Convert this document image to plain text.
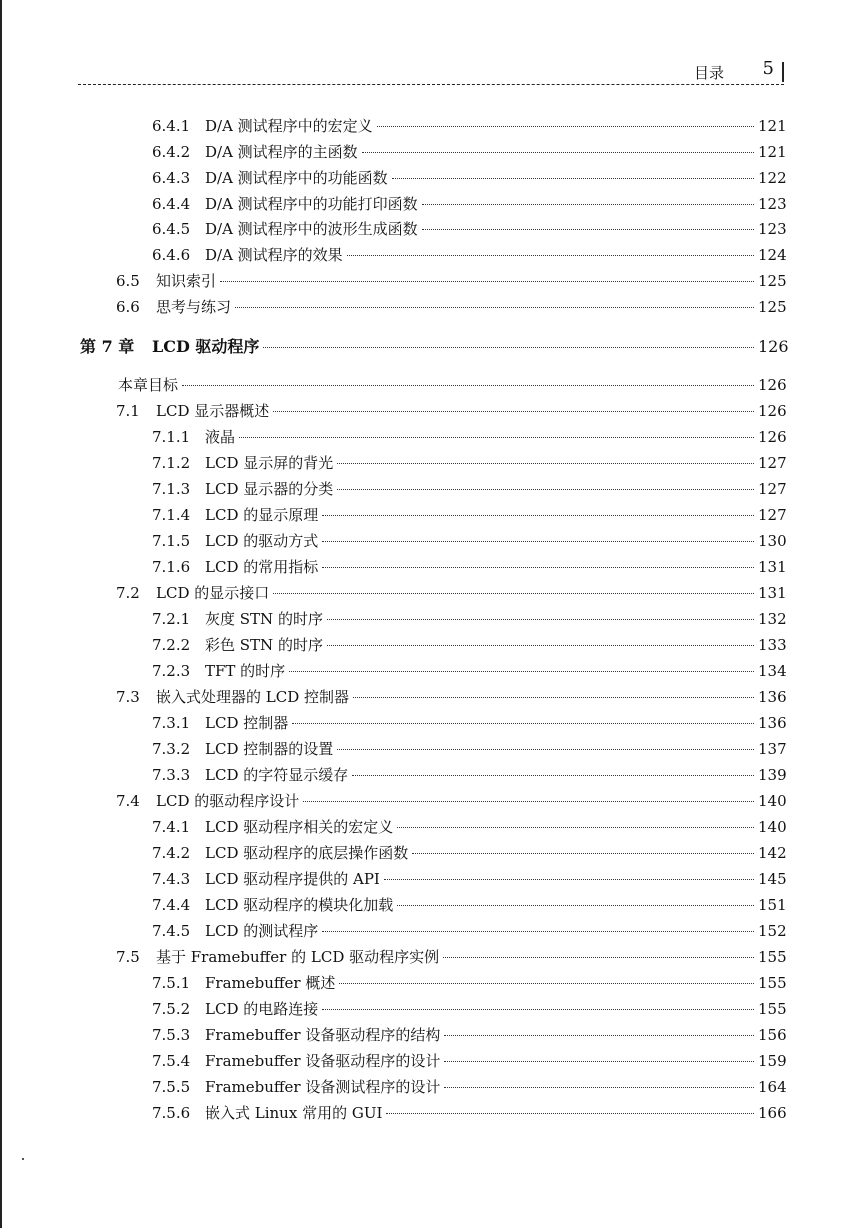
目录 5
6.4.1 D/A 测试程序中的宏定义	121
6.4.2 D/A 测试程序的主函数	121
6.4.3 D/A 测试程序中的功能函数	122
6.4.4 D/A 测试程序中的功能打印函数	123
6.4.5 D/A 测试程序中的波形生成函数	123
6.4.6 D/A 测试程序的效果	124
6.5	知识索引	125
6.6	思考与练习	125
第 7 章	LCD 驱动程序	126
本章目标	126
7.1	LCD 显示器概述	126
7.1.1 液晶	126
7.1.2 LCD 显示屏的背光	127
7.1.3 LCD 显示器的分类	127
7.1.4 LCD 的显示原理	127
7.1.5 LCD 的驱动方式	130
7.1.6 LCD 的常用指标	131
7.2	LCD 的显示接口	131
7.2.1 灰度 STN 的时序	132
7.2.2 彩色 STN 的时序	133
7.2.3 TFT 的时序	134
7.3	嵌入式处理器的 LCD 控制器	136
7.3.1 LCD 控制器	136
7.3.2 LCD 控制器的设置	137
7.3.3 LCD 的字符显示缓存	139
7.4	LCD 的驱动程序设计	140
7.4.1 LCD 驱动程序相关的宏定义	140
7.4.2 LCD 驱动程序的底层操作函数	142
7.4.3 LCD 驱动程序提供的 API	145
7.4.4 LCD 驱动程序的模块化加载	151
7.4.5 LCD 的测试程序	152
7.5	基于 Framebuffer 的 LCD 驱动程序实例	155
7.5.1 Framebuffer 概述	155
7.5.2 LCD 的电路连接	155
7.5.3 Framebuffer 设备驱动程序的结构	156
7.5.4 Framebuffer 设备驱动程序的设计	159
7.5.5 Framebuffer 设备测试程序的设计	164
7.5.6 嵌入式 Linux 常用的 GUI	166
